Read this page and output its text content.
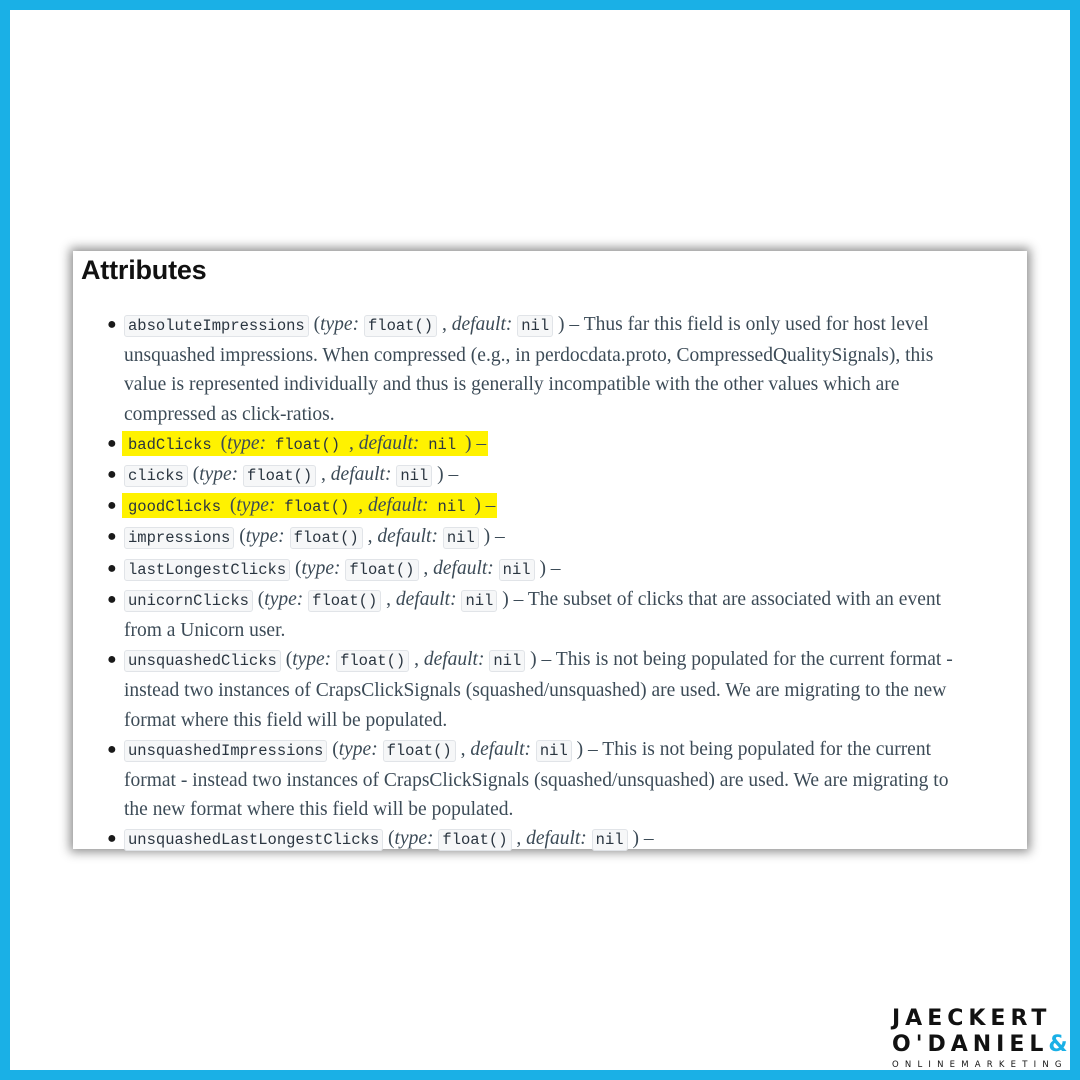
Attributes
● absoluteImpressions (type: float() , default: nil ) – Thus far this field is only used for host level unsquashed impressions. When compressed (e.g., in perdocdata.proto, CompressedQualitySignals), this value is represented individually and thus is generally incompatible with the other values which are compressed as click-ratios.
● badClicks (type: float() , default: nil ) –
● clicks (type: float() , default: nil ) –
● goodClicks (type: float() , default: nil ) –
● impressions (type: float() , default: nil ) –
● lastLongestClicks (type: float() , default: nil ) –
● unicornClicks (type: float() , default: nil ) – The subset of clicks that are associated with an event from a Unicorn user.
● unsquashedClicks (type: float() , default: nil ) – This is not being populated for the current format - instead two instances of CrapsClickSignals (squashed/unsquashed) are used. We are migrating to the new format where this field will be populated.
● unsquashedImpressions (type: float() , default: nil ) – This is not being populated for the current format - instead two instances of CrapsClickSignals (squashed/unsquashed) are used. We are migrating to the new format where this field will be populated.
● unsquashedLastLongestClicks (type: float() , default: nil ) –
JAECKERT
O'DANIEL&
ONLINEMARKETING
